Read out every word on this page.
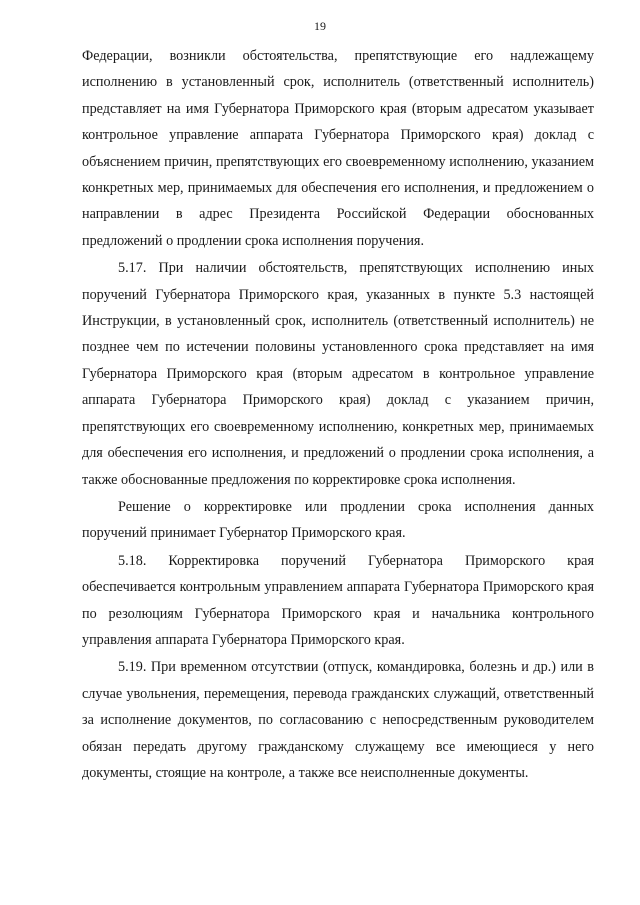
19

Федерации, возникли обстоятельства, препятствующие его надлежащему исполнению в установленный срок, исполнитель (ответственный исполнитель) представляет на имя Губернатора Приморского края (вторым адресатом указывает контрольное управление аппарата Губернатора Приморского края) доклад с объяснением причин, препятствующих его своевременному исполнению, указанием конкретных мер, принимаемых для обеспечения его исполнения, и предложением о направлении в адрес Президента Российской Федерации обоснованных предложений о продлении срока исполнения поручения.

5.17. При наличии обстоятельств, препятствующих исполнению иных поручений Губернатора Приморского края, указанных в пункте 5.3 настоящей Инструкции, в установленный срок, исполнитель (ответственный исполнитель) не позднее чем по истечении половины установленного срока представляет на имя Губернатора Приморского края (вторым адресатом в контрольное управление аппарата Губернатора Приморского края) доклад с указанием причин, препятствующих его своевременному исполнению, конкретных мер, принимаемых для обеспечения его исполнения, и предложений о продлении срока исполнения, а также обоснованные предложения по корректировке срока исполнения.

Решение о корректировке или продлении срока исполнения данных поручений принимает Губернатор Приморского края.

5.18. Корректировка поручений Губернатора Приморского края обеспечивается контрольным управлением аппарата Губернатора Приморского края по резолюциям Губернатора Приморского края и начальника контрольного управления аппарата Губернатора Приморского края.

5.19. При временном отсутствии (отпуск, командировка, болезнь и др.) или в случае увольнения, перемещения, перевода гражданских служащий, ответственный за исполнение документов, по согласованию с непосредственным руководителем обязан передать другому гражданскому служащему все имеющиеся у него документы, стоящие на контроле, а также все неисполненные документы.
